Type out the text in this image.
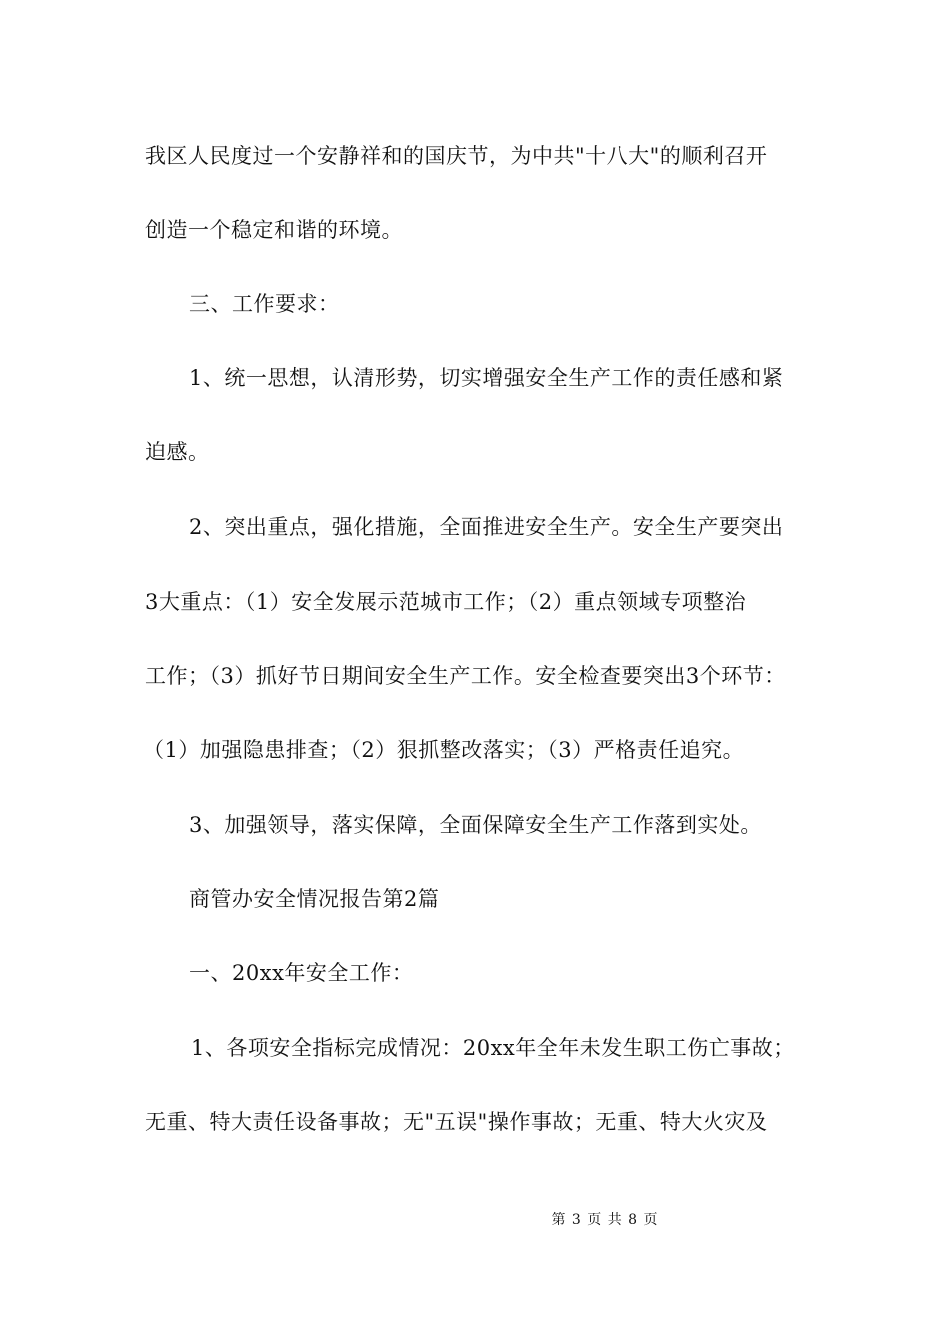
我区人民度过一个安静祥和的国庆节，为中共"十八大"的顺利召开
创造一个稳定和谐的环境。
三、工作要求：
1、统一思想，认清形势，切实增强安全生产工作的责任感和紧
迫感。
2、突出重点，强化措施，全面推进安全生产。安全生产要突出
3大重点：（1）安全发展示范城市工作；（2）重点领域专项整治
工作；（3）抓好节日期间安全生产工作。安全检查要突出3个环节：
（1）加强隐患排查；（2）狠抓整改落实；（3）严格责任追究。
3、加强领导，落实保障，全面保障安全生产工作落到实处。
商管办安全情况报告第2篇
一、20xx年安全工作：
1、各项安全指标完成情况：20xx年全年未发生职工伤亡事故；
无重、特大责任设备事故；无"五误"操作事故；无重、特大火灾及
第 3 页 共 8 页
